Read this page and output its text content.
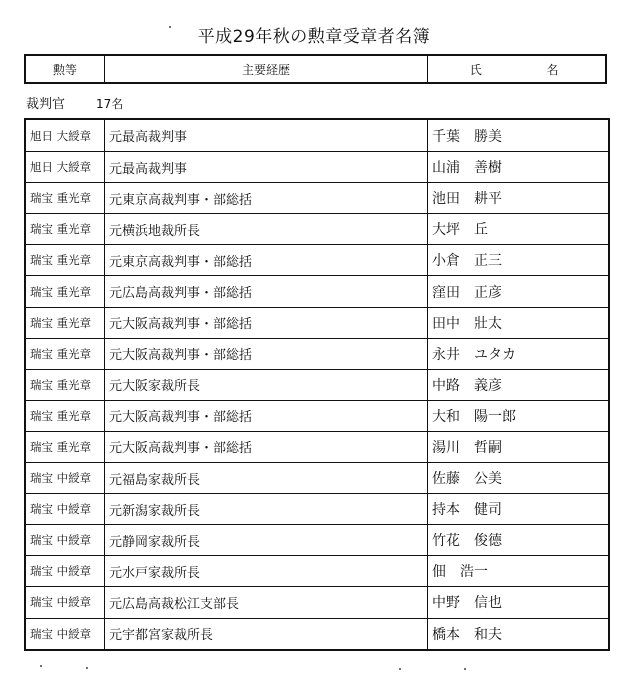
平成29年秋の勲章受章者名簿
勲等	主要経歴	氏　名
裁判官	17名
旭日 大綬章	元最高裁判事	千葉　勝美
旭日 大綬章	元最高裁判事	山浦　善樹
瑞宝 重光章	元東京高裁判事・部総括	池田　耕平
瑞宝 重光章	元横浜地裁所長	大坪　丘
瑞宝 重光章	元東京高裁判事・部総括	小倉　正三
瑞宝 重光章	元広島高裁判事・部総括	窪田　正彦
瑞宝 重光章	元大阪高裁判事・部総括	田中　壯太
瑞宝 重光章	元大阪高裁判事・部総括	永井　ユタカ
瑞宝 重光章	元大阪家裁所長	中路　義彦
瑞宝 重光章	元大阪高裁判事・部総括	大和　陽一郎
瑞宝 重光章	元大阪高裁判事・部総括	湯川　哲嗣
瑞宝 中綬章	元福島家裁所長	佐藤　公美
瑞宝 中綬章	元新潟家裁所長	持本　健司
瑞宝 中綬章	元静岡家裁所長	竹花　俊德
瑞宝 中綬章	元水戸家裁所長	佃　浩一
瑞宝 中綬章	元広島高裁松江支部長	中野　信也
瑞宝 中綬章	元宇都宮家裁所長	橋本　和夫
